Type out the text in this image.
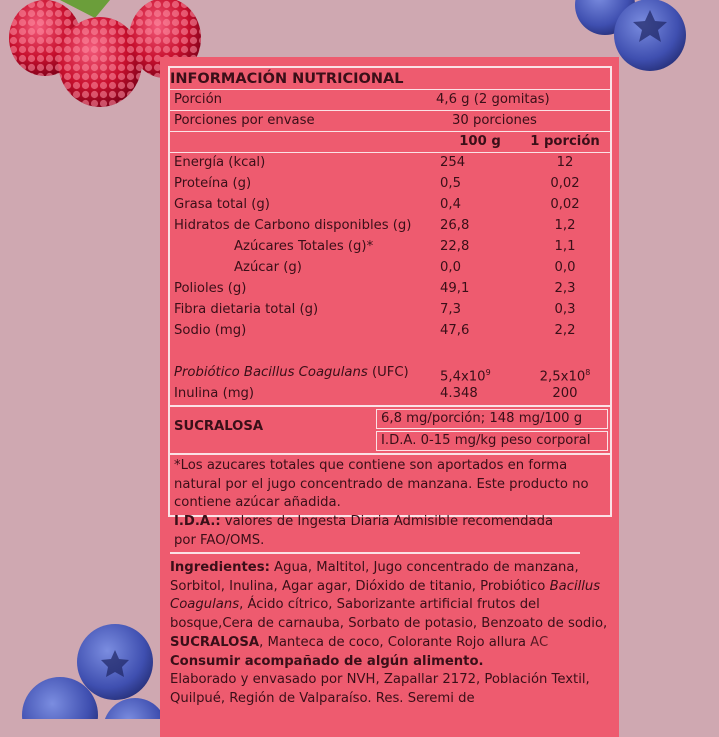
INFORMACIÓN NUTRICIONAL
Porción	4,6 g (2 gomitas)
Porciones por envase	30 porciones
100 g	1 porción
Energía (kcal)	254	12
Proteína (g)	0,5	0,02
Grasa total (g)	0,4	0,02
Hidratos de Carbono disponibles (g)	26,8	1,2
Azúcares Totales (g)*	22,8	1,1
Azúcar (g)	0,0	0,0
Polioles (g)	49,1	2,3
Fibra dietaria total (g)	7,3	0,3
Sodio (mg)	47,6	2,2
Probiótico Bacillus Coagulans (UFC)	$5,4x10^9$	$2,5x10^8$
Inulina (mg)	4.348	200
SUCRALOSA
6,8 mg/porción; 148 mg/100 g
I.D.A. 0-15 mg/kg peso corporal
*Los azucares totales que contiene son aportados en forma natural por el jugo concentrado de manzana. Este producto no contiene azúcar añadida.
I.D.A.: valores de Ingesta Diaria Admisible recomendada por FAO/OMS.
Ingredientes: Agua, Maltitol, Jugo concentrado de manzana, Sorbitol, Inulina, Agar agar, Dióxido de titanio, Probiótico Bacillus Coagulans, Ácido cítrico, Saborizante artificial frutos del bosque,Cera de carnauba, Sorbato de potasio, Benzoato de sodio, SUCRALOSA, Manteca de coco, Colorante Rojo allura AC
Consumir acompañado de algún alimento.
Elaborado y envasado por NVH, Zapallar 2172, Población Textil, Quilpué, Región de Valparaíso. Res. Seremi de
